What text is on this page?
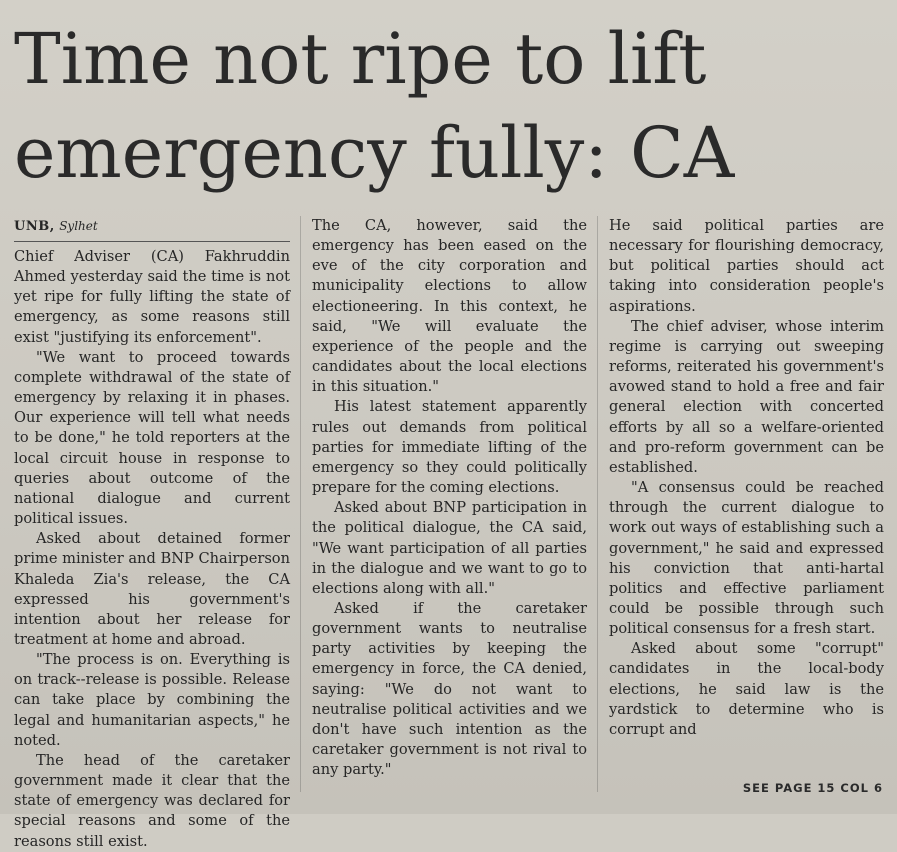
Time not ripe to lift
emergency fully: CA
UNB, Sylhet

Chief Adviser (CA) Fakhruddin Ahmed yesterday said the time is not yet ripe for fully lifting the state of emergency, as some reasons still exist "justifying its enforcement".

"We want to proceed towards complete withdrawal of the state of emergency by relaxing it in phases. Our experience will tell what needs to be done," he told reporters at the local circuit house in response to queries about outcome of the national dialogue and current political issues.

Asked about detained former prime minister and BNP Chairperson Khaleda Zia's release, the CA expressed his government's intention about her release for treatment at home and abroad.

"The process is on. Everything is on track--release is possible. Release can take place by combining the legal and humanitarian aspects," he noted.

The head of the caretaker government made it clear that the state of emergency was declared for special reasons and some of the reasons still exist.

The CA, however, said the emergency has been eased on the eve of the city corporation and municipality elections to allow electioneering. In this context, he said, "We will evaluate the experience of the people and the candidates about the local elections in this situation."

His latest statement apparently rules out demands from political parties for immediate lifting of the emergency so they could politically prepare for the coming elections.

Asked about BNP participation in the political dialogue, the CA said, "We want participation of all parties in the dialogue and we want to go to elections along with all."

Asked if the caretaker government wants to neutralise party activities by keeping the emergency in force, the CA denied, saying: "We do not want to neutralise political activities and we don't have such intention as the caretaker government is not rival to any party."

He said political parties are necessary for flourishing democracy, but political parties should act taking into consideration people's aspirations.

The chief adviser, whose interim regime is carrying out sweeping reforms, reiterated his government's avowed stand to hold a free and fair general election with concerted efforts by all so a welfare-oriented and pro-reform government can be established.

"A consensus could be reached through the current dialogue to work out ways of establishing such a government," he said and expressed his conviction that anti-hartal politics and effective parliament could be possible through such political consensus for a fresh start.

Asked about some "corrupt" candidates in the local-body elections, he said law is the yardstick to determine who is corrupt and

SEE PAGE 15 COL 6
